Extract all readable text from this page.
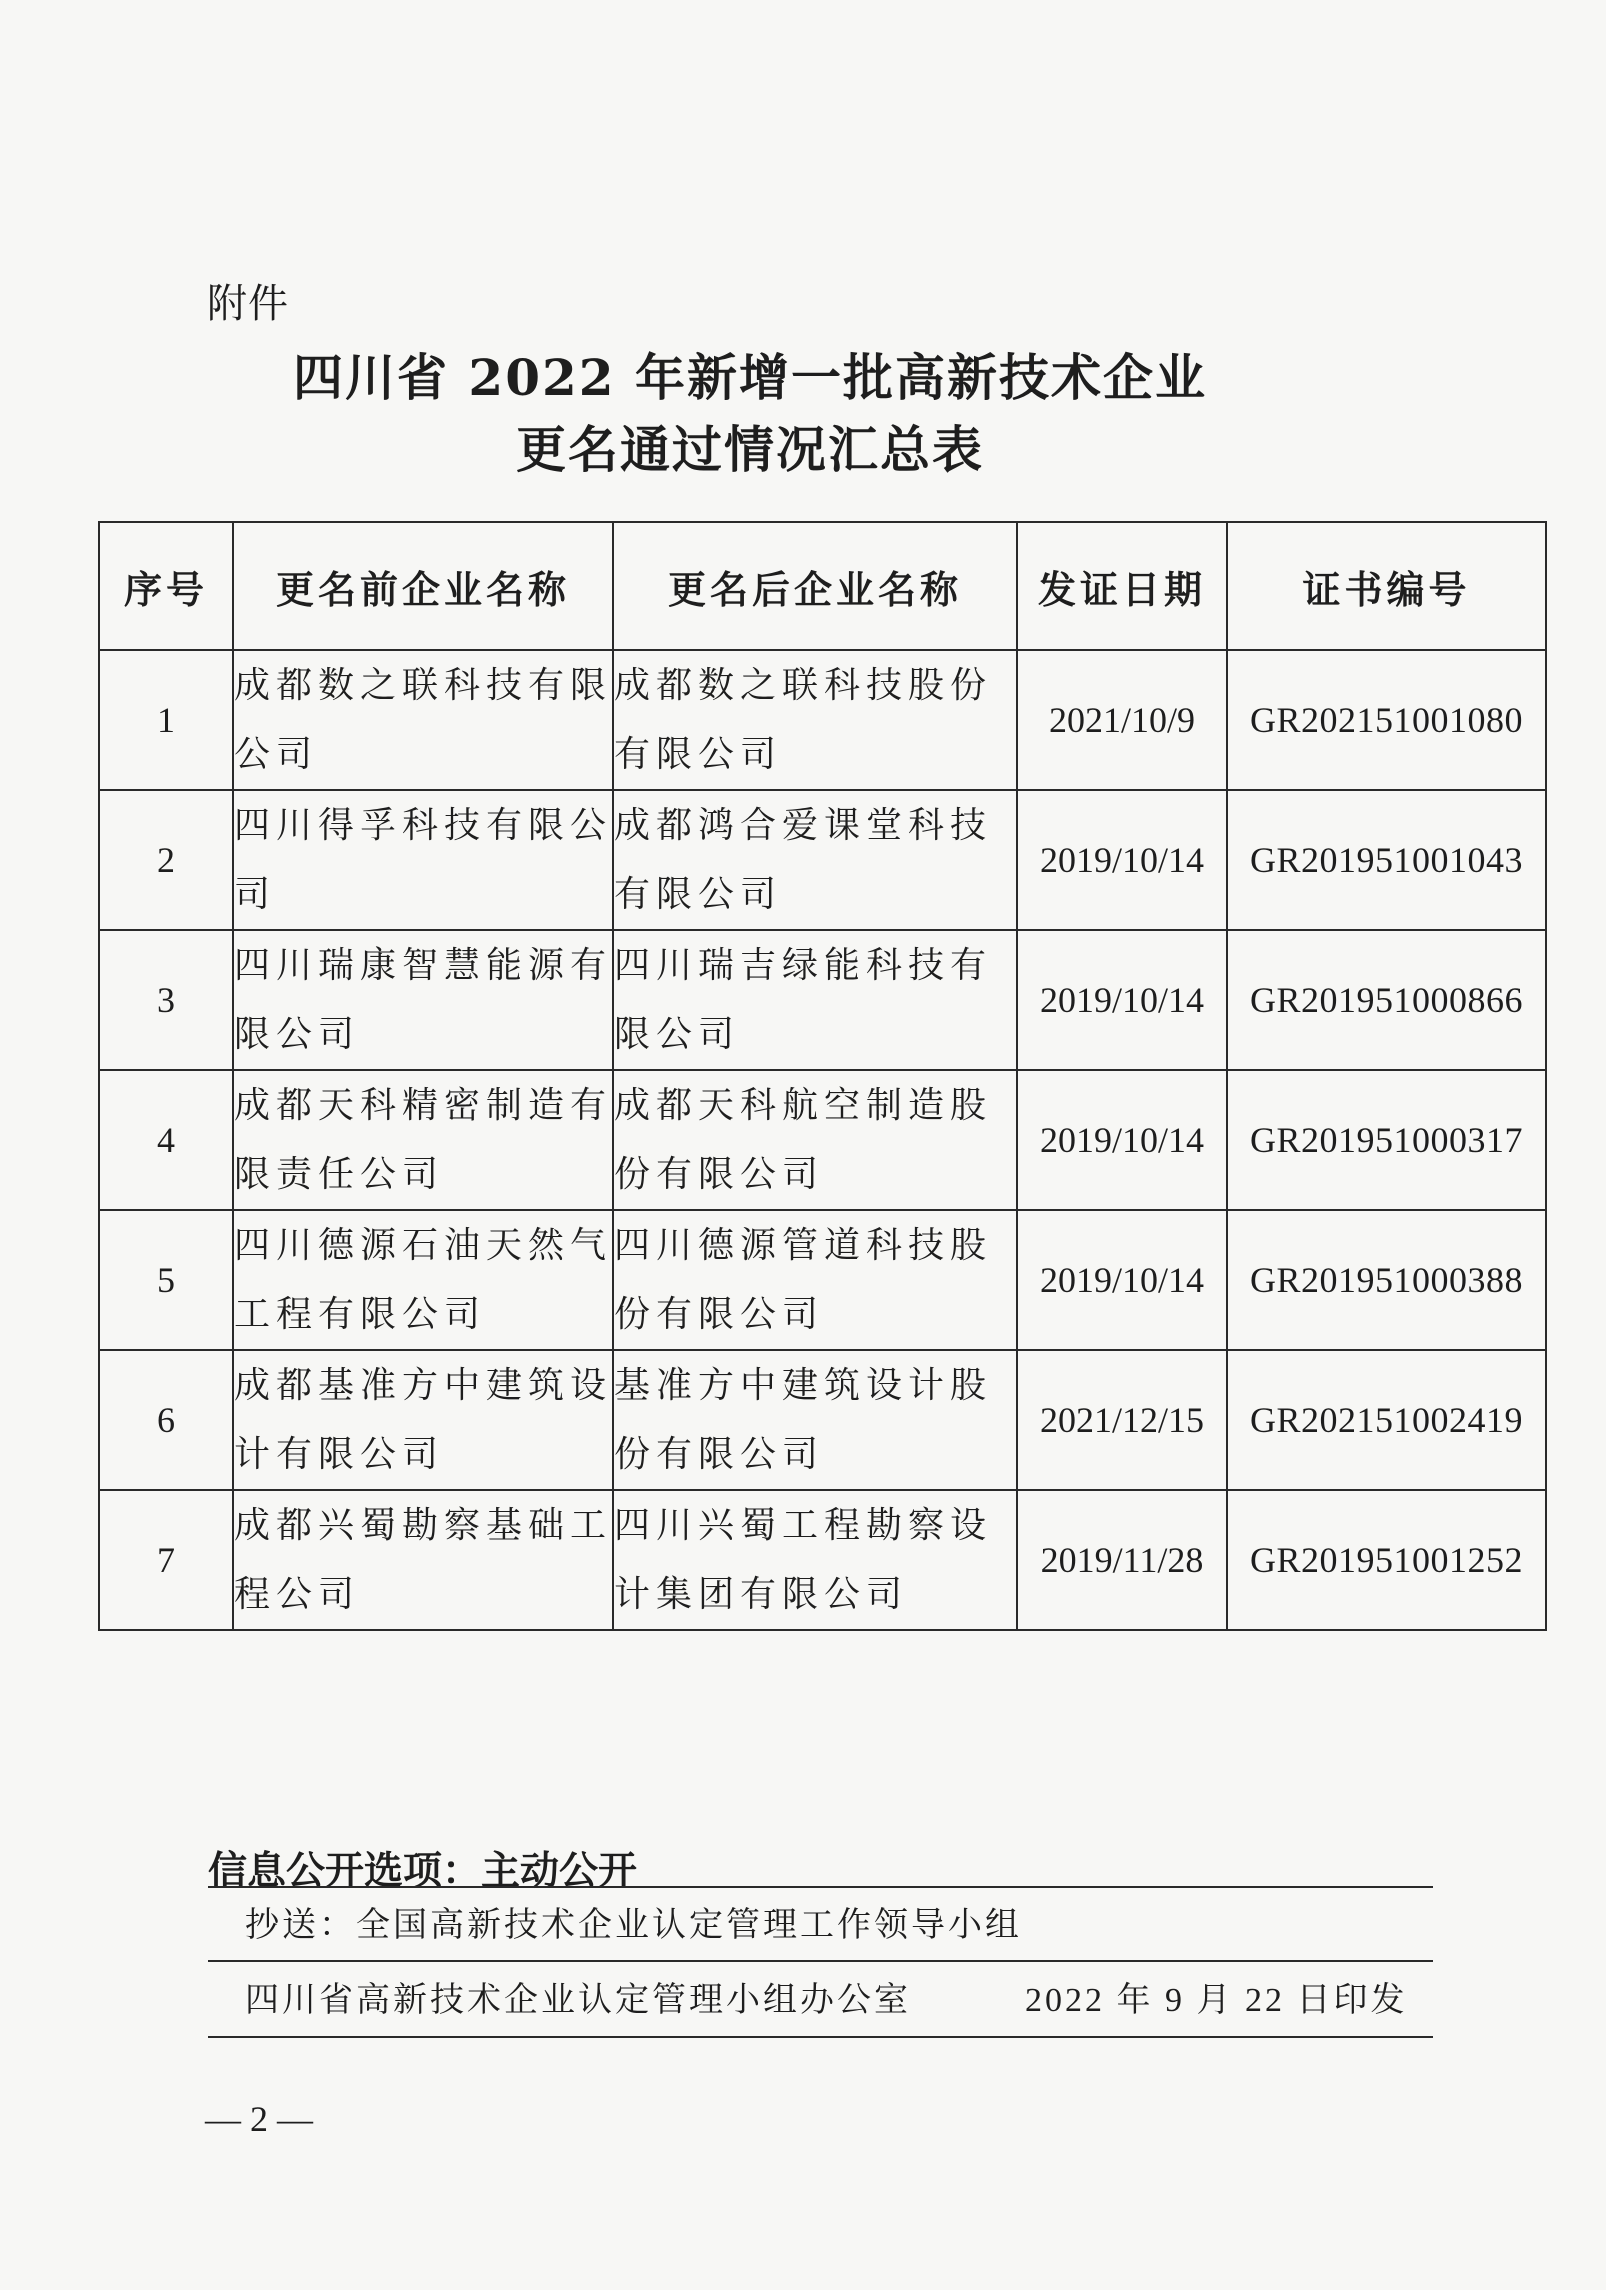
附件
四川省 2022 年新增一批高新技术企业
更名通过情况汇总表
序号	更名前企业名称	更名后企业名称	发证日期	证书编号
1	成都数之联科技有限公司	成都数之联科技股份有限公司	2021/10/9	GR202151001080
2	四川得孚科技有限公司	成都鸿合爱课堂科技有限公司	2019/10/14	GR201951001043
3	四川瑞康智慧能源有限公司	四川瑞吉绿能科技有限公司	2019/10/14	GR201951000866
4	成都天科精密制造有限责任公司	成都天科航空制造股份有限公司	2019/10/14	GR201951000317
5	四川德源石油天然气工程有限公司	四川德源管道科技股份有限公司	2019/10/14	GR201951000388
6	成都基准方中建筑设计有限公司	基准方中建筑设计股份有限公司	2021/12/15	GR202151002419
7	成都兴蜀勘察基础工程公司	四川兴蜀工程勘察设计集团有限公司	2019/11/28	GR201951001252
信息公开选项：主动公开
抄送：全国高新技术企业认定管理工作领导小组
四川省高新技术企业认定管理小组办公室	2022 年 9 月 22 日印发
— 2 —
